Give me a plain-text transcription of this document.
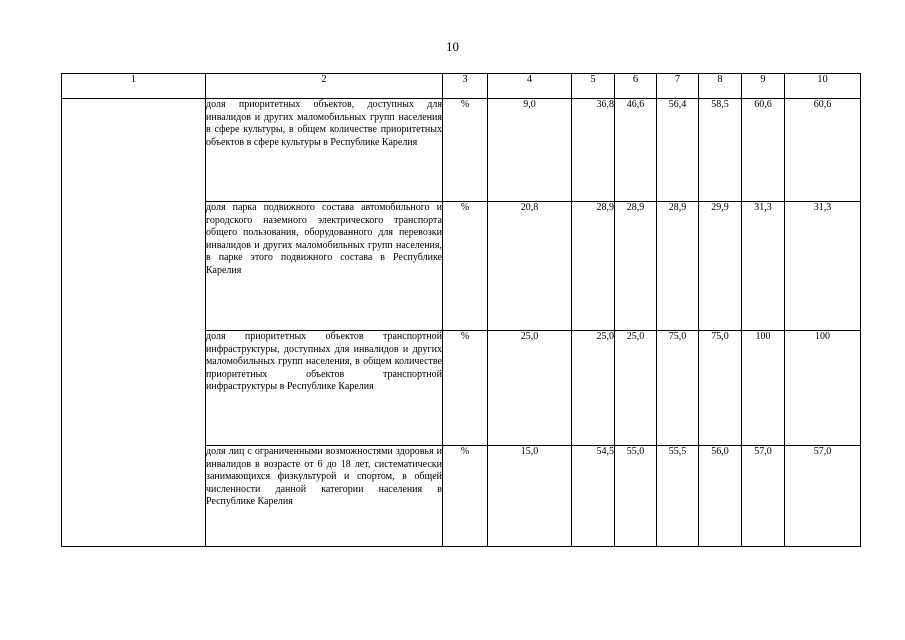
10
1	2	3	4	5	6	7	8	9	10
	доля приоритетных объектов, доступных для инвалидов и других маломобильных групп населения в сфере культуры, в общем количестве приоритетных объектов в сфере культуры в Республике Карелия	%	9,0	36,8	46,6	56,4	58,5	60,6	60,6
	доля парка подвижного состава автомобильного и городского наземного электрического транспорта общего пользования, оборудованного для перевозки инвалидов и других маломобильных групп населения, в парке этого подвижного состава в Республике Карелия	%	20,8	28,9	28,9	28,9	29,9	31,3	31,3
	доля приоритетных объектов транспортной инфраструктуры, доступных для инвалидов и других маломобильных групп населения, в общем количестве приоритетных объектов транспортной инфраструктуры в Республике Карелия	%	25,0	25,0	25,0	75,0	75,0	100	100
	доля лиц с ограниченными возможностями здоровья и инвалидов в возрасте от 6 до 18 лет, систематически занимающихся физкультурой и спортом, в общей численности данной категории населения в Республике Карелия	%	15,0	54,5	55,0	55,5	56,0	57,0	57,0
